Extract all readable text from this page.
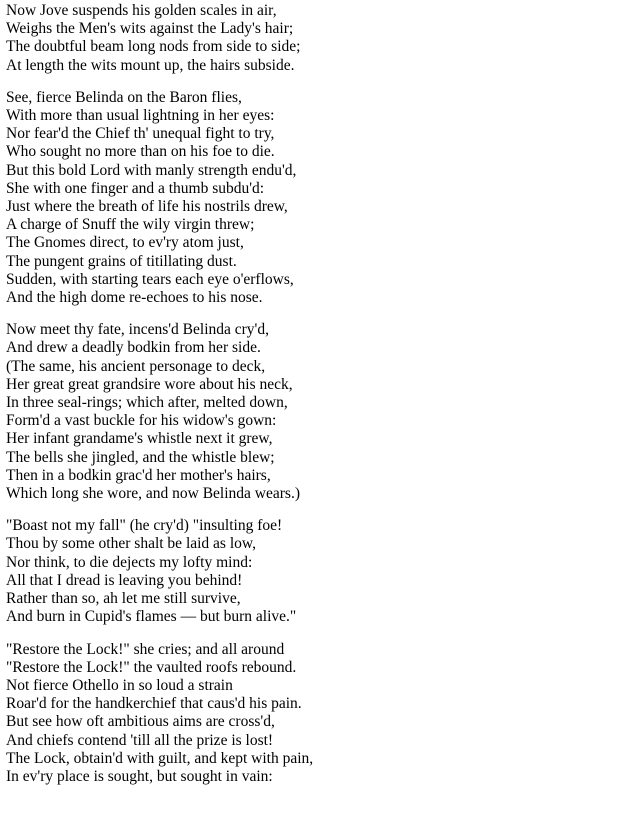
Now Jove suspends his golden scales in air,
Weighs the Men's wits against the Lady's hair;
The doubtful beam long nods from side to side;
At length the wits mount up, the hairs subside.
See, fierce Belinda on the Baron flies,
With more than usual lightning in her eyes:
Nor fear'd the Chief th' unequal fight to try,
Who sought no more than on his foe to die.
But this bold Lord with manly strength endu'd,
She with one finger and a thumb subdu'd:
Just where the breath of life his nostrils drew,
A charge of Snuff the wily virgin threw;
The Gnomes direct, to ev'ry atom just,
The pungent grains of titillating dust.
Sudden, with starting tears each eye o'erflows,
And the high dome re-echoes to his nose.
Now meet thy fate, incens'd Belinda cry'd,
And drew a deadly bodkin from her side.
(The same, his ancient personage to deck,
Her great great grandsire wore about his neck,
In three seal-rings; which after, melted down,
Form'd a vast buckle for his widow's gown:
Her infant grandame's whistle next it grew,
The bells she jingled, and the whistle blew;
Then in a bodkin grac'd her mother's hairs,
Which long she wore, and now Belinda wears.)
"Boast not my fall" (he cry'd) "insulting foe!
Thou by some other shalt be laid as low,
Nor think, to die dejects my lofty mind:
All that I dread is leaving you behind!
Rather than so, ah let me still survive,
And burn in Cupid's flames — but burn alive."
"Restore the Lock!" she cries; and all around
"Restore the Lock!" the vaulted roofs rebound.
Not fierce Othello in so loud a strain
Roar'd for the handkerchief that caus'd his pain.
But see how oft ambitious aims are cross'd,
And chiefs contend 'till all the prize is lost!
The Lock, obtain'd with guilt, and kept with pain,
In ev'ry place is sought, but sought in vain:
